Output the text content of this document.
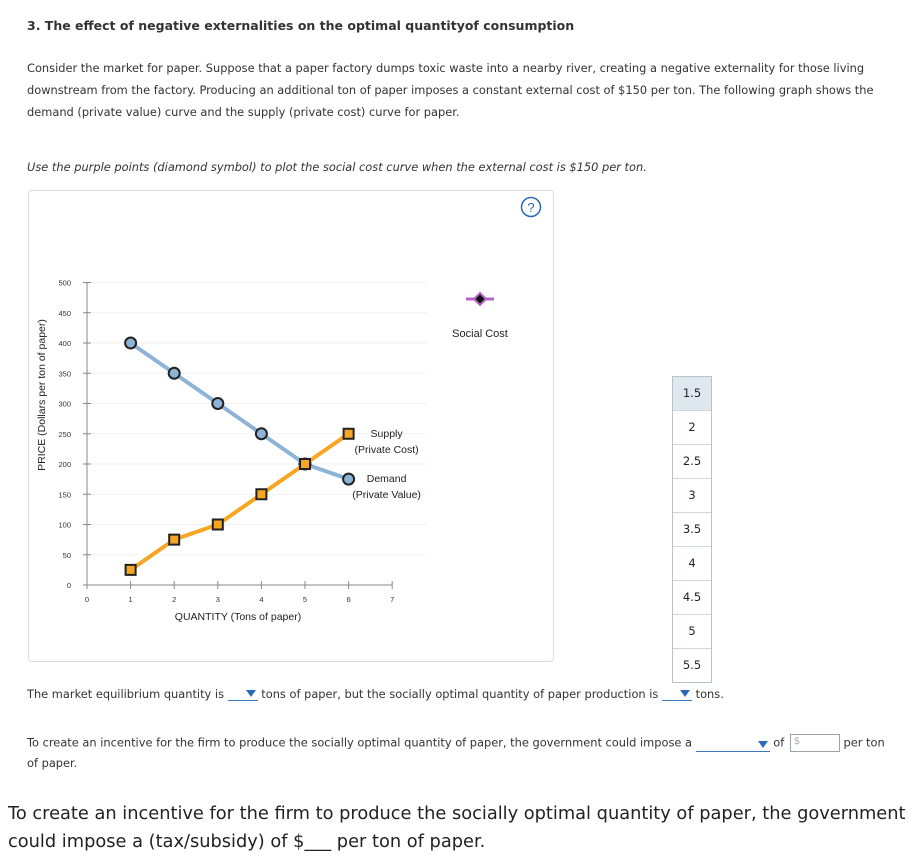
3. The effect of negative externalities on the optimal quantityof consumption
Consider the market for paper. Suppose that a paper factory dumps toxic waste into a nearby river, creating a negative externality for those living downstream from the factory. Producing an additional ton of paper imposes a constant external cost of $150 per ton. The following graph shows the demand (private value) curve and the supply (private cost) curve for paper.
Use the purple points (diamond symbol) to plot the social cost curve when the external cost is $150 per ton.
0
50
100
150
200
250
300
350
400
450
500
0	1	2	3	4	5	6	7
Demand
(Private Value)
Supply
(Private Cost)
QUANTITY (Tons of paper)
PRICE (Dollars per ton of paper)	Social Cost
?
1.5
2
2.5
3
3.5
4
4.5
5
5.5
The market equilibrium quantity is	tons of paper, but the socially optimal quantity of paper production is	tons.
To create an incentive for the firm to produce the socially optimal quantity of paper, the government could impose a	of $	per ton
of paper.
To create an incentive for the firm to produce the socially optimal quantity of paper, the government could impose a (tax/subsidy) of $___ per ton of paper.
